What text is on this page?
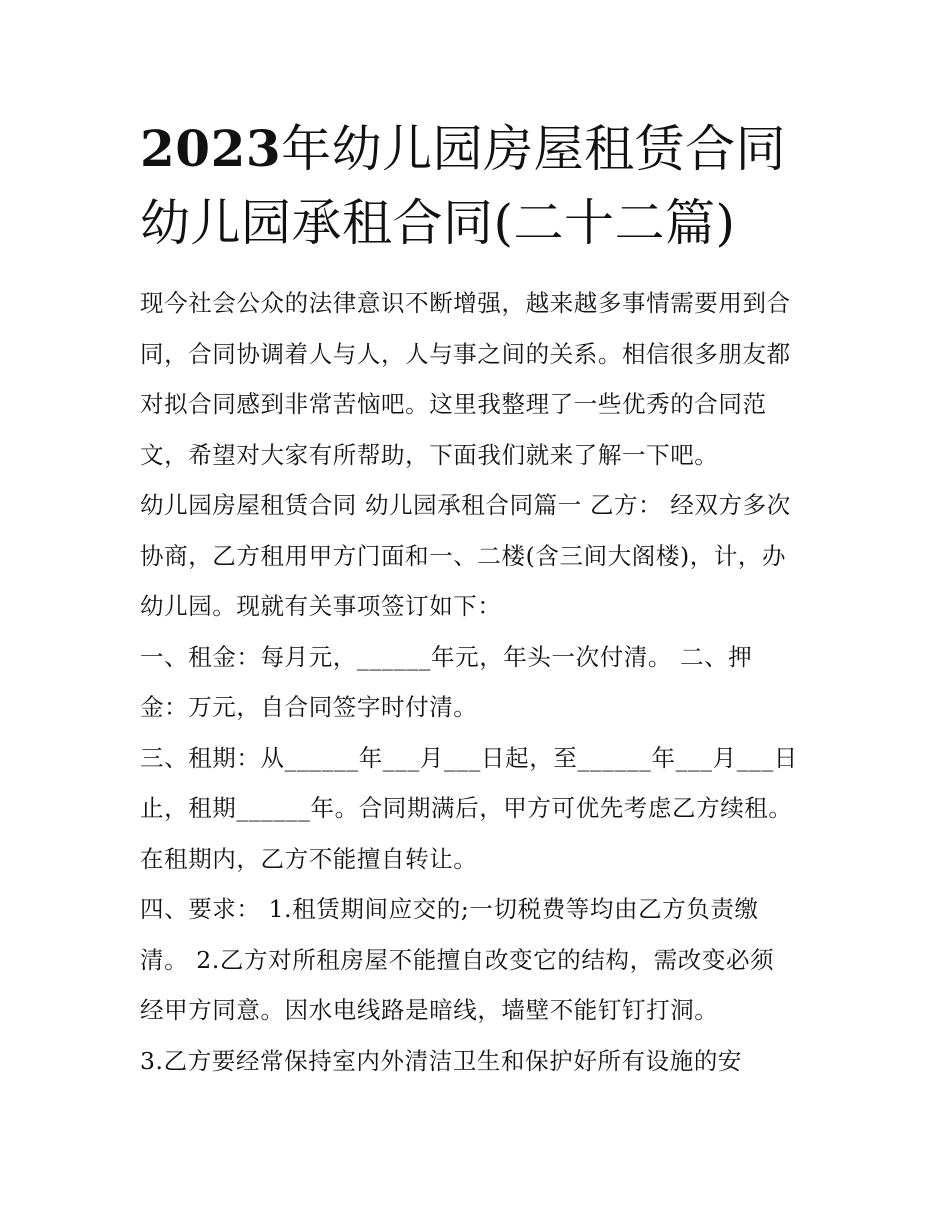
2023年幼儿园房屋租赁合同
幼儿园承租合同(二十二篇)

现今社会公众的法律意识不断增强，越来越多事情需要用到合
同，合同协调着人与人，人与事之间的关系。相信很多朋友都
对拟合同感到非常苦恼吧。这里我整理了一些优秀的合同范
文，希望对大家有所帮助，下面我们就来了解一下吧。

幼儿园房屋租赁合同 幼儿园承租合同篇一 乙方： 经双方多次
协商，乙方租用甲方门面和一、二楼(含三间大阁楼)，计，办
幼儿园。现就有关事项签订如下：

一、租金：每月元，______年元，年头一次付清。 二、押
金：万元，自合同签字时付清。

三、租期：从______年___月___日起，至______年___月___日
止，租期______年。合同期满后，甲方可优先考虑乙方续租。
在租期内，乙方不能擅自转让。

四、要求： 1.租赁期间应交的;一切税费等均由乙方负责缴
清。 2.乙方对所租房屋不能擅自改变它的结构，需改变必须
经甲方同意。因水电线路是暗线，墙壁不能钉钉打洞。

3.乙方要经常保持室内外清洁卫生和保护好所有设施的安
